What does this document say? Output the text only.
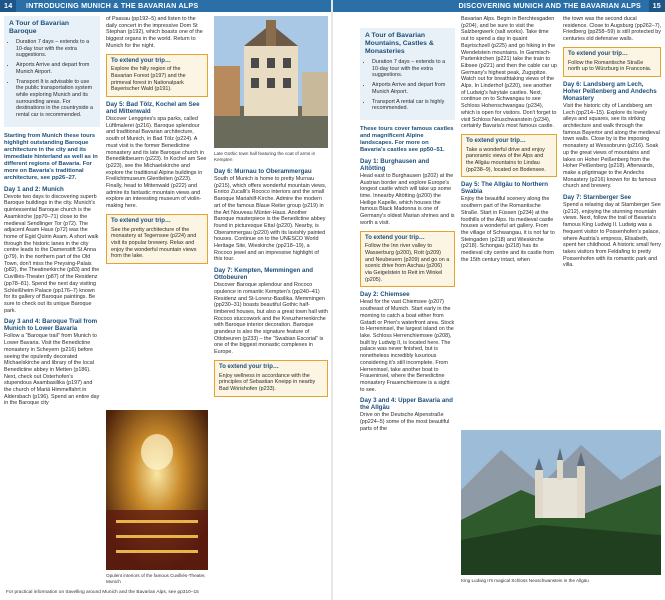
14	INTRODUCING MUNICH & THE BAVARIAN ALPS
A Tour of Bavarian Baroque
• Duration 7 days – extends to a 10-day tour with the extra suggestions.
• Airports Arrive and depart from Munich Airport.
• Transport It is advisable to use the public transportation system while exploring Munich and its surrounding areas. For destinations in the countryside a rental car is recommended.
Starting from Munich these tours highlight outstanding Baroque architecture in the city and its immediate hinterland as well as in different regions of Bavaria. For more on Bavaria's traditional architecture, see pp26–27.
Day 1 and 2: Munich

Devote two days to discovering superb Baroque buildings in the city. Munich's quintessential Baroque church is the Asamkirche (pp70–71) close to the medieval Sendlinger Tor (p72). The adjacent Asam Haus (p72) was the home of Egid Quirin Asam. A short walk through the historic lanes in the city centre leads to the Damenstift St Anna (p79). In the northern part of the Old Town, don't miss the Preysing-Palais (p82), the Theatinerkirche (p83) and the Cuvilliés-Theater (p87) of the Residenz (pp78–81). Spend the next day visiting Schleißheim Palace (pp176–7) known for its gallery of Baroque paintings. Be sure to check out its unique Baroque park.

Day 3 and 4: Baroque Trail from Munich to Lower Bavaria

Follow a “Baroque trail” from Munich to Lower Bavaria. Visit the Benedictine monastery in Scheyern (p216) before seeing the opulently decorated Michaelskirche and library of the local Benedictine abbey in Metten (p186). Next, check out Osterhofen's stupendous Asambasilika (p197) and the church of Mariä Himmelfahrt in Aldersbach (p196). Spend an entire day in the Baroque city

of Passau (pp192–5) and listen to the daily concert in the impressive Dom St Stephan (p192), which boasts one of the biggest organs in the world. Return to Munich for the night.

To extend your trip…
Explore the hilly region of the Bavarian Forest (p197) and the primeval forest in Nationalpark Bayerischer Wald (p191).
Day 5: Bad Tölz, Kochel am See and Mittenwald

Discover Lenggries's spa parks, called Lüftlmalerei (p216). Baroque splendour and traditional Bavarian architecture, south of Munich, in Bad Tölz (p224). A must visit is the former Benedictine monastery and its late Baroque church in Benediktbeuern (p223). In Kochel am See (p223), see the Michaelskirche and explore the traditional Alpine buildings in Freilichtmuseum Glentleiten (p223). Finally, head to Mittenwald (p222) and admire its fantastic mountain views and explore an interesting museum of violin-making here.

To extend your trip…
See the pretty architecture of the monastery at Tegernsee (p224) and visit its popular brewery. Relax and enjoy the wonderful mountain views from the lake.
Opulent interiors of the famous Cuvilliés-Theater, Munich
Late Gothic town hall featuring the coat of arms in Kempten
Day 6: Murnau to Oberammergau

South of Munich is home to pretty Murnau (p215), which offers wonderful mountain views, Enrico Zucalli's Rococo interiors and the small Baroque Mariahilf-Kirche. Admire the modern art of the famous Blaue Reiter group (p219) in the Art Nouveau Münter-Haus. Another Baroque masterpiece is the Benedictine abbey found in picturesque Ettal (p220). Nearby, is Oberammergau (p220) with its lavishly painted houses. Continue on to the UNESCO World Heritage Site, Wieskirche (pp218–19), a Rococo jewel and an impressive highlight of this tour.

Day 7: Kempten, Memmingen and Ottobeuren

Discover Baroque splendour and Rococo opulence in romantic Kempten's (pp240–41) Residenz and St-Lorenz-Basilika. Memmingen (pp230–31) boasts beautiful Gothic half-timbered houses, but also a great town hall with Rococo stuccowork and the Kreuzherrenkirche with Baroque interior decoration. Baroque grandeur is also the signature feature of Ottobeuren (p233) – the “Swabian Escorial” is one of the biggest monastic complexes in Europe.

To extend your trip…
Enjoy wellness in accordance with the principles of Sebastian Kneipp in nearby Bad Wörishofen (p233).
For practical information on travelling around Munich and the Bavarian Alps, see pp310–15
DISCOVERING MUNICH AND THE BAVARIAN ALPS	15
A Tour of Bavarian Mountains, Castles & Monasteries
• Duration 7 days – extends to a 10-day tour with the extra suggestions.
• Airports Arrive and depart from Munich Airport.
• Transport A rental car is highly recommended.
These tours cover famous castles and magnificent Alpine landscapes. For more on Bavaria's castles see pp50–51.
Day 1: Burghausen and Altötting

Head east to Burghausen (p202) at the Austrian border and explore Europe's longest castle which will take up some time. Innearby Altötting (p200) the Heilige Kapelle, which houses the famous Black Madonna is one of Germany's oldest Marian shrines and is worth a visit.

To extend your trip…
Follow the Inn river valley to Wasserburg (p200), Rott (p209) and Neubeuern (p209) and go on a scenic drive from Aschau (p206) via Geigelstein to Reit im Winkel (p205).
Day 2: Chiemsee

Head for the vast Chiemsee (p207) southeast of Munich. Start early in the morning to catch a boat either from Gstadt or Prien's waterfront area. Stock to Herreninsel, the largest island on the lake. Schloss Herrenchiemsee (p208), built by Ludwig II, is located here. The palace was never finished, but is nonetheless incredibly luxurious considering it's still incomplete. From Herreninsel, take another boat to Fraueninsel, where the Benedictine monastery Frauenchiemsee is a sight to see.

Day 3 and 4: Upper Bavaria and the Allgäu

Drive on the Deutsche Alpenstraße (pp224–5) some of the most beautiful parts of the

Bavarian Alps. Begin in Berchtesgaden (p204), and be sure to visit the Salzbergwerk (salt works). Take time out to spend a day in quaint Bayrischzell (p225) and go hiking in the Wendelstein mountains. In Garmisch-Partenkirchen (p221) take the train to Eibsee (p221) and then the cable car up Germany's highest peak, Zugspitze. Watch out for breathtaking views of the Alps. In Linderhof (p220), see another of Ludwig's fairytale castles. Next, continue on to Schwangau to see Schloss Hohenschwangau (p234), which is open for visitors. Don't forget to visit Schloss Neuschwanstein (p234), certainly Bavaria's most famous castle.

To extend your trip…
Take a wonderful drive and enjoy panoramic views of the Alps and the Allgäu mountains to Lindau (pp238–9), located on Bodensee.
Day 5: The Allgäu to Northern Swabia

Enjoy the beautiful scenery along the southern part of the Romantische Straße. Start in Füssen (p234) at the foothills of the Alps. Its medieval castle houses a wonderful art gallery. From the village of Schwangau, it is not far to Steingaden (p218) and Wieskirche (p218). Schongau (p218) has its medieval city centre and its castle from the 15th century intact, when

the town was the second ducal residence. Close to Augsburg (pp262–7), Friedberg (pp258–59) is still protected by centuries old defensive walls.

To extend your trip…
Follow the Romantische Straße north up to Würzburg in Franconia.
Day 6: Landsberg am Lech, Hoher Peißenberg and Andechs Monastery

Visit the historic city of Landsberg am Lech (pp214–15). Explore its lovely alleys and squares, see its striking architecture and walk through the famous Bayertor and along the medieval town walls. Close by is the imposing monastery at Wessobrunn (p216). Soak up the great views of mountains and lakes on Hoher Peißenberg from the Hoher Peißenberg (p218). Afterwards, make a pilgrimage to the Andechs Monastery (p216) known for its famous church and brewery.

Day 7: Starnberger See

Spend a relaxing day at Starnberger See (p212), enjoying the stunning mountain views. Next, follow the trail of Bavaria's famous King Ludwig II. Ludwig was a frequent visitor to Possenhofen's palace, where Austria's empress, Elisabeth, spent her childhood. A historic small ferry takes visitors from Feldafing to pretty Possenhofen with its romantic park and villa.

King Ludwig II's magical Schloss Neuschwanstein in the Allgäu
